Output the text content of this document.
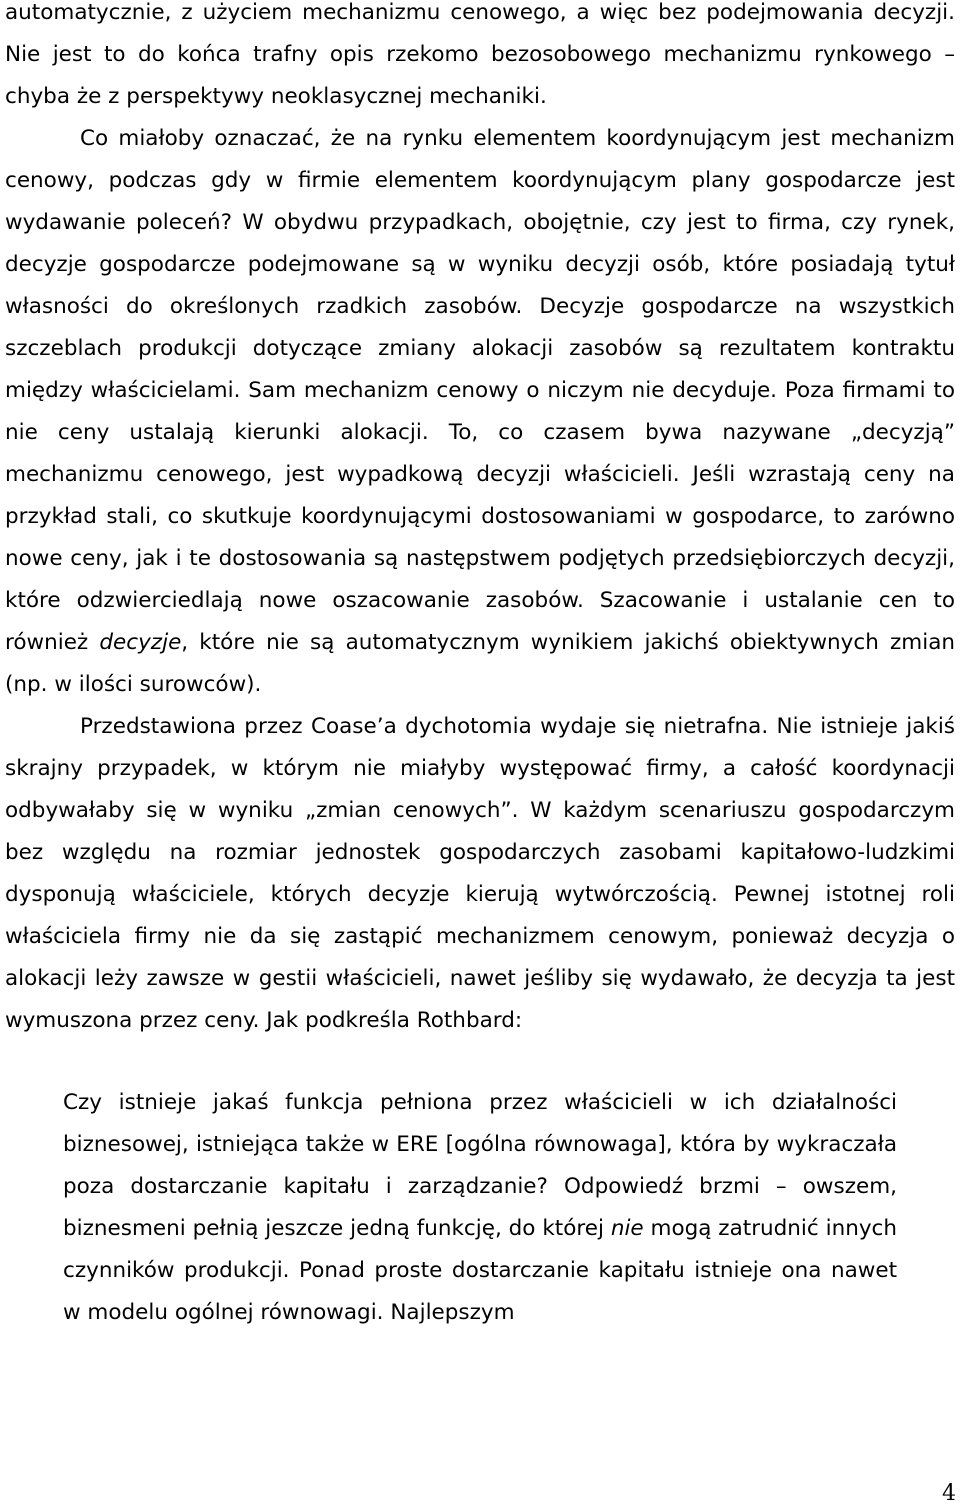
automatycznie, z użyciem mechanizmu cenowego, a więc bez podejmowania decyzji. Nie jest to do końca trafny opis rzekomo bezosobowego mechanizmu rynkowego – chyba że z perspektywy neoklasycznej mechaniki.

Co miałoby oznaczać, że na rynku elementem koordynującym jest mechanizm cenowy, podczas gdy w firmie elementem koordynującym plany gospodarcze jest wydawanie poleceń? W obydwu przypadkach, obojętnie, czy jest to firma, czy rynek, decyzje gospodarcze podejmowane są w wyniku decyzji osób, które posiadają tytuł własności do określonych rzadkich zasobów. Decyzje gospodarcze na wszystkich szczeblach produkcji dotyczące zmiany alokacji zasobów są rezultatem kontraktu między właścicielami. Sam mechanizm cenowy o niczym nie decyduje. Poza firmami to nie ceny ustalają kierunki alokacji. To, co czasem bywa nazywane „decyzją” mechanizmu cenowego, jest wypadkową decyzji właścicieli. Jeśli wzrastają ceny na przykład stali, co skutkuje koordynującymi dostosowaniami w gospodarce, to zarówno nowe ceny, jak i te dostosowania są następstwem podjętych przedsiębiorczych decyzji, które odzwierciedlają nowe oszacowanie zasobów. Szacowanie i ustalanie cen to również decyzje, które nie są automatycznym wynikiem jakichś obiektywnych zmian (np. w ilości surowców).

Przedstawiona przez Coase’a dychotomia wydaje się nietrafna. Nie istnieje jakiś skrajny przypadek, w którym nie miałyby występować firmy, a całość koordynacji odbywałaby się w wyniku „zmian cenowych”. W każdym scenariuszu gospodarczym bez względu na rozmiar jednostek gospodarczych zasobami kapitałowo-ludzkimi dysponują właściciele, których decyzje kierują wytwórczością. Pewnej istotnej roli właściciela firmy nie da się zastąpić mechanizmem cenowym, ponieważ decyzja o alokacji leży zawsze w gestii właścicieli, nawet jeśliby się wydawało, że decyzja ta jest wymuszona przez ceny. Jak podkreśla Rothbard:

Czy istnieje jakaś funkcja pełniona przez właścicieli w ich działalności biznesowej, istniejąca także w ERE [ogólna równowaga], która by wykraczała poza dostarczanie kapitału i zarządzanie? Odpowiedź brzmi – owszem, biznesmeni pełnią jeszcze jedną funkcję, do której nie mogą zatrudnić innych czynników produkcji. Ponad proste dostarczanie kapitału istnieje ona nawet w modelu ogólnej równowagi. Najlepszym

4
